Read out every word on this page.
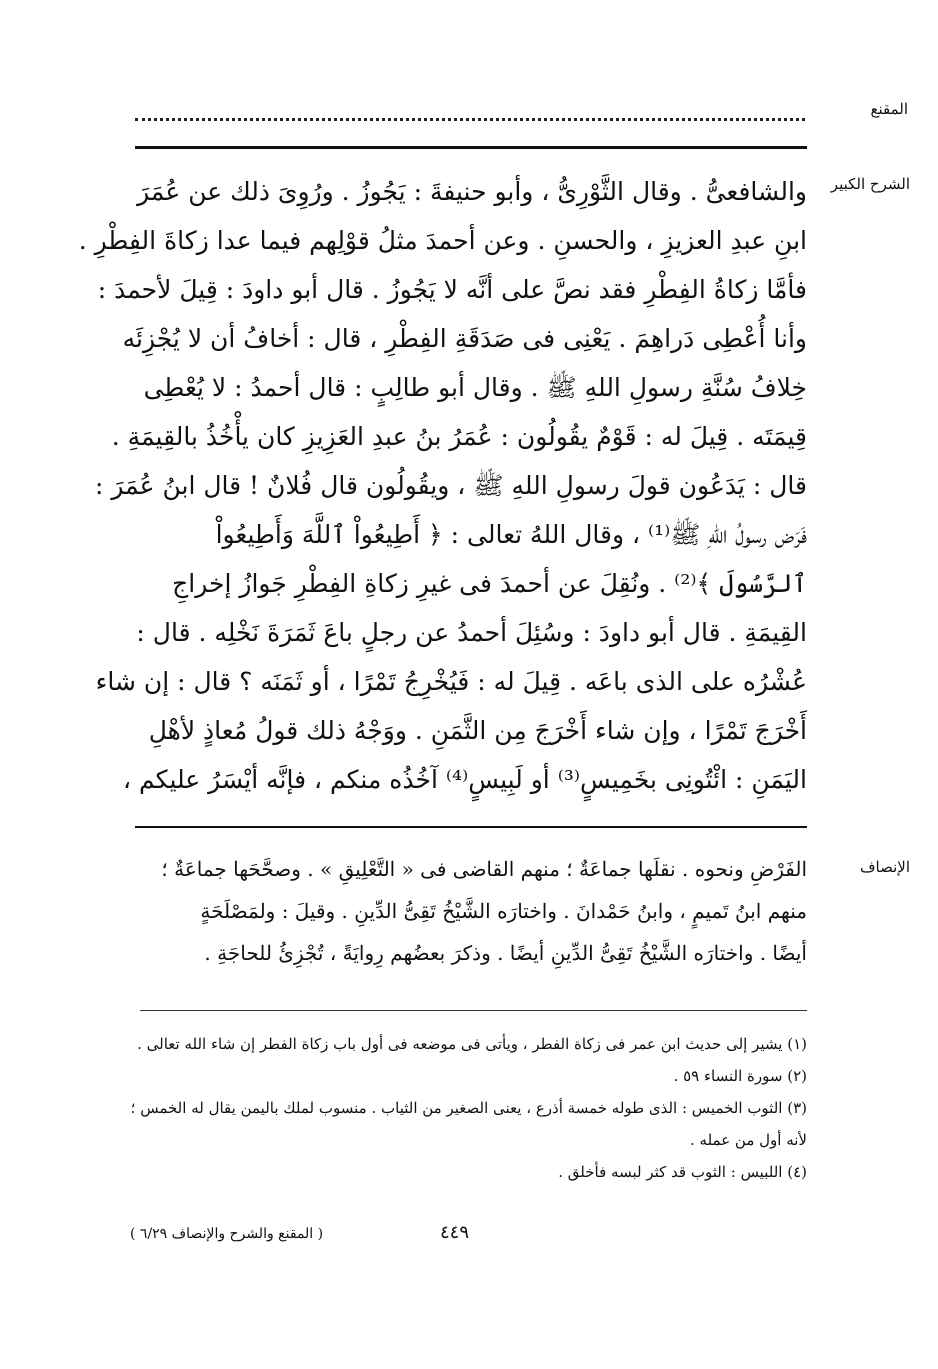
المقنع
الشرح الكبير

والشافعىُّ . وقال الثَّوْرِىُّ ، وأبو حنيفةَ : يَجُوزُ . ورُوِىَ ذلك عن عُمَرَ

ابنِ عبدِ العزيزِ ، والحسنِ . وعن أحمدَ مثلُ قوْلِهم فيما عدا زكاةَ الفِطْرِ .

فأمَّا زكاةُ الفِطْرِ فقد نصَّ على أنَّه لا يَجُوزُ . قال أبو داودَ : قِيلَ لأحمدَ :

وأنا أُعْطِى دَراهِمَ . يَعْنِى فى صَدَقَةِ الفِطْرِ ، قال : أخافُ أن لا يُجْزِئَه

خِلافُ سُنَّةِ رسولِ اللهِ ﷺ . وقال أبو طالِبٍ : قال أحمدُ : لا يُعْطِى

قِيمَتَه . قِيلَ له : قَوْمٌ يقُولُون : عُمَرُ بنُ عبدِ العَزِيزِ كان يأْخُذُ بالقِيمَةِ .

قال : يَدَعُون قولَ رسولِ اللهِ ﷺ ، ويقُولُون قال فُلانٌ ! قال ابنُ عُمَرَ :

فَرَض رسولُ اللهِ ﷺ⁽¹⁾ ، وقال اللهُ تعالى : ﴿ أَطِيعُواْ ٱللَّهَ وَأَطِيعُواْ

ٱلرَّسُولَ ﴾⁽²⁾ . ونُقِلَ عن أحمدَ فى غيرِ زكاةِ الفِطْرِ جَوازُ إخراجِ

القِيمَةِ . قال أبو داودَ : وسُئِلَ أحمدُ عن رجلٍ باعَ ثَمَرَةَ نَخْلِه . قال :

عُشْرُه على الذى باعَه . قِيلَ له : فَيُخْرِجُ تَمْرًا ، أو ثَمَنَه ؟ قال : إن شاء

أَخْرَجَ تَمْرًا ، وإن شاء أَخْرَجَ مِن الثَّمَنِ . ووَجْهُ ذلك قولُ مُعاذٍ لأهْلِ

اليَمَنِ : ائْتُونِى بخَمِيسٍ⁽³⁾ أو لَبِيسٍ⁽⁴⁾ آخُذُه منكم ، فإنَّه أيْسَرُ عليكم ،

الإنصاف

الفَرْضِ ونحوه . نقلَها جماعَةٌ ؛ منهم القاضى فى « التَّعْلِيقِ » . وصحَّحَها جماعَةٌ ؛

منهم ابنُ تَميمٍ ، وابنُ حَمْدانَ . واختارَه الشَّيْخُ تَقِىُّ الدِّينِ . وقيلَ : ولمَصْلَحَةٍ

أيضًا . واختارَه الشَّيْخُ تَقِىُّ الدِّينِ أيضًا . وذكرَ بعضُهم رِوايَةً ، تُجْزِئُ للحاجَةِ .

(١) يشير إلى حديث ابن عمر فى زكاة الفطر ، ويأتى فى موضعه فى أول باب زكاة الفطر إن شاء الله تعالى .

(٢) سورة النساء ٥٩ .

(٣) الثوب الخميس : الذى طوله خمسة أذرع ، يعنى الصغير من الثياب . منسوب لملك باليمن يقال له الخمس ؛

لأنه أول من عمله .

(٤) اللبيس : الثوب قد كثر لبسه فأخلق .

٤٤٩
( المقنع والشرح والإنصاف ٦/٢٩ )
